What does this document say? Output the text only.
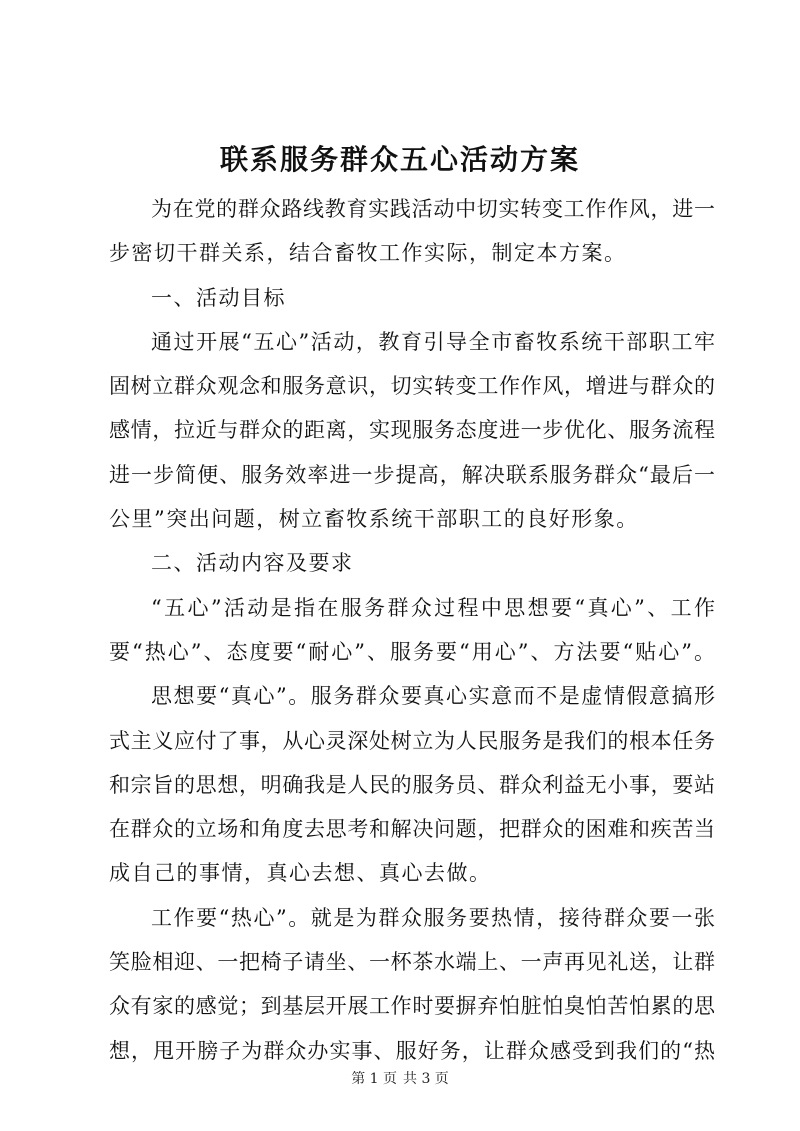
联系服务群众五心活动方案
为在党的群众路线教育实践活动中切实转变工作作风，进一
步密切干群关系，结合畜牧工作实际，制定本方案。
一、活动目标
通过开展“五心”活动，教育引导全市畜牧系统干部职工牢
固树立群众观念和服务意识，切实转变工作作风，增进与群众的
感情，拉近与群众的距离，实现服务态度进一步优化、服务流程
进一步简便、服务效率进一步提高，解决联系服务群众“最后一
公里”突出问题，树立畜牧系统干部职工的良好形象。
二、活动内容及要求
“五心”活动是指在服务群众过程中思想要“真心”、工作
要“热心”、态度要“耐心”、服务要“用心”、方法要“贴心”。
思想要“真心”。服务群众要真心实意而不是虚情假意搞形
式主义应付了事，从心灵深处树立为人民服务是我们的根本任务
和宗旨的思想，明确我是人民的服务员、群众利益无小事，要站
在群众的立场和角度去思考和解决问题，把群众的困难和疾苦当
成自己的事情，真心去想、真心去做。
工作要“热心”。就是为群众服务要热情，接待群众要一张
笑脸相迎、一把椅子请坐、一杯茶水端上、一声再见礼送，让群
众有家的感觉；到基层开展工作时要摒弃怕脏怕臭怕苦怕累的思
想，甩开膀子为群众办实事、服好务，让群众感受到我们的“热
第 1 页 共 3 页
